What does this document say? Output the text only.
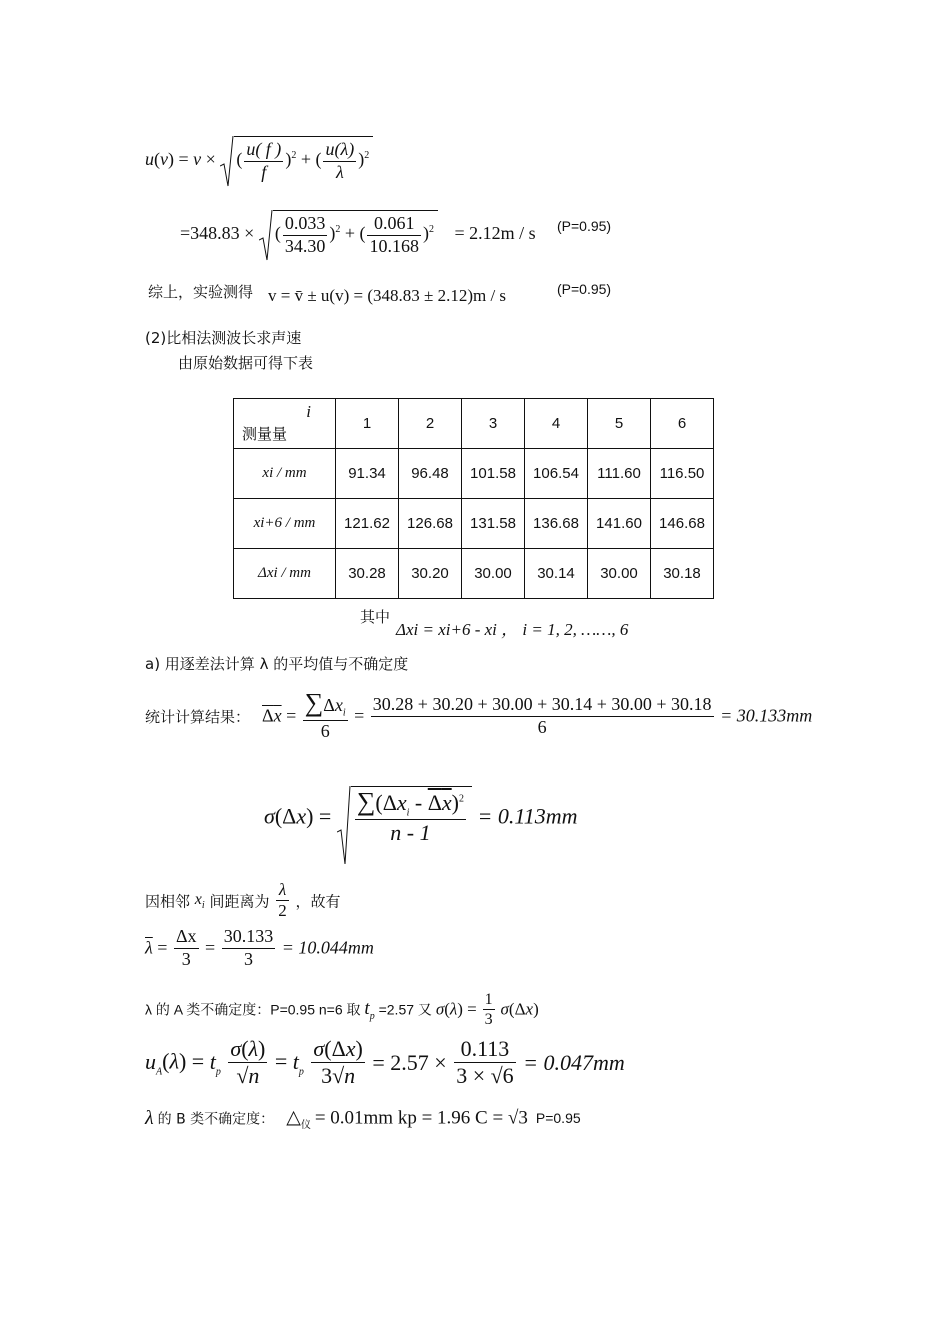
u(v) = v × ( $\frac{u( f )}{f} )^2$ + ( $\frac{u(\lambda)}{\lambda} )^2$
=348.83 × ( $\frac{0.033}{34.30} )^2$ + ( $\frac{0.061}{10.168} )^2 = 2.12m / s$ (P=0.95)
综上，实验测得 v = v̄ ± u(v) = (348.83 ± 2.12)m / s	(P=0.95)
(2)比相法测波长求声速
由原始数据可得下表
i
测量量	1	2	3	4	5	6
xi / mm	91.34	96.48	101.58	106.54	111.60	116.50
xi+6 / mm	121.62	126.68	131.58	136.68	141.60	146.68
Δxi / mm	30.28	30.20	30.00	30.14	30.00	30.18
其中
Δxi = xi+6 - xi ， i = 1, 2, ……, 6
a) 用逐差法计算 λ 的平均值与不确定度
统计计算结果： $\Delta x = \frac{\sum\Delta x_i}{6} = \frac{30.28 + 30.20 + 30.00 + 30.14 + 30.00 + 30.18}{6} = 30.133mm$
$\sigma(\Delta x) = \frac{\sum(\Delta x_i - \Delta x)^2}{n - 1} = 0.113mm$
因相邻 $x_i$ 间距离为 $\frac{\lambda}{2}$ ，故有
$\overline{\lambda} = \frac{\Delta x}{3} = \frac{30.133}{3} = 10.044mm$
λ 的 A 类不确定度：P=0.95 n=6 取 $t_p =2.57$ 又 $\sigma(\lambda) = \frac{1}{3} \sigma(\Delta x)$
$u_A(\lambda) = t_p \frac{\sigma(\lambda)}{√n} = t_p \frac{\sigma(\Delta x)}{3√n} = 2.57 \times \frac{0.113}{3 \times √6} = 0.047mm$
λ 的 B 类不确定度： $\triangle_仪 = 0.01mm$ kp = 1.96 C = √3 P=0.95
